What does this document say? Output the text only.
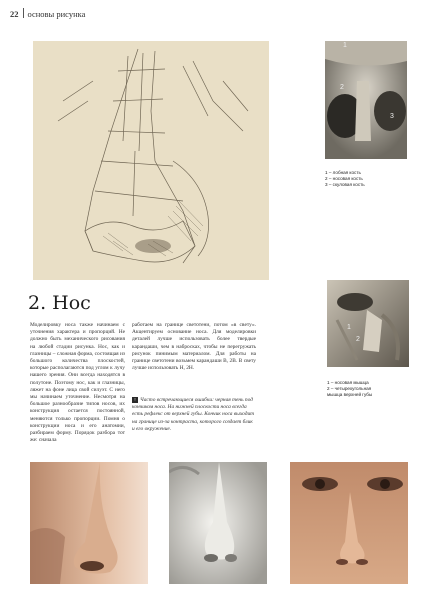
22 основы рисунка
1
2
3
1 – лобная кость
2 – носовая кость
3 – скуловая кость
1
2
1 – носовая мышца
2 – четырехугольная
мышца верхней губы
2. Нос

Моделировку носа также начинаем с уточнения характера и пропорций. Не должно быть механического рисования на любой стадии рисунка. Нос, как и глазницы – сложная форма, состоящая из большого количества плоскостей, которые располагаются под углом к лучу нашего зрения. Они всегда находятся в полутоне. Поэтому нос, как и глазницы, ляжет на фоне лица свой силуэт. С него мы начинаем уточнение. Несмотря на большое разнообразие типов носов, их конструкция остается постоянной, меняются только пропорции. Помня о конструкции носа и его анатомии, разбираем форму. Порядок разбора тот же: сначала

работаем на границе светотени, потом «в свету». Акцентируем основание носа. Для моделировки деталей лучше использовать более твердые карандаши, чем в набросках, чтобы не перегружать рисунок пинимым материалом. Для работы на границе светотени возьмем карандаши B, 2B. В свету лучше использовать H, 2H.

! Часто встречающиеся ошибки: черная тень под кончиком носа. На нижней плоскости носа всегда есть рефлекс от верхней губы. Кончик носа выходит на границе из-за контраста, которого создает блик и его окружение.
